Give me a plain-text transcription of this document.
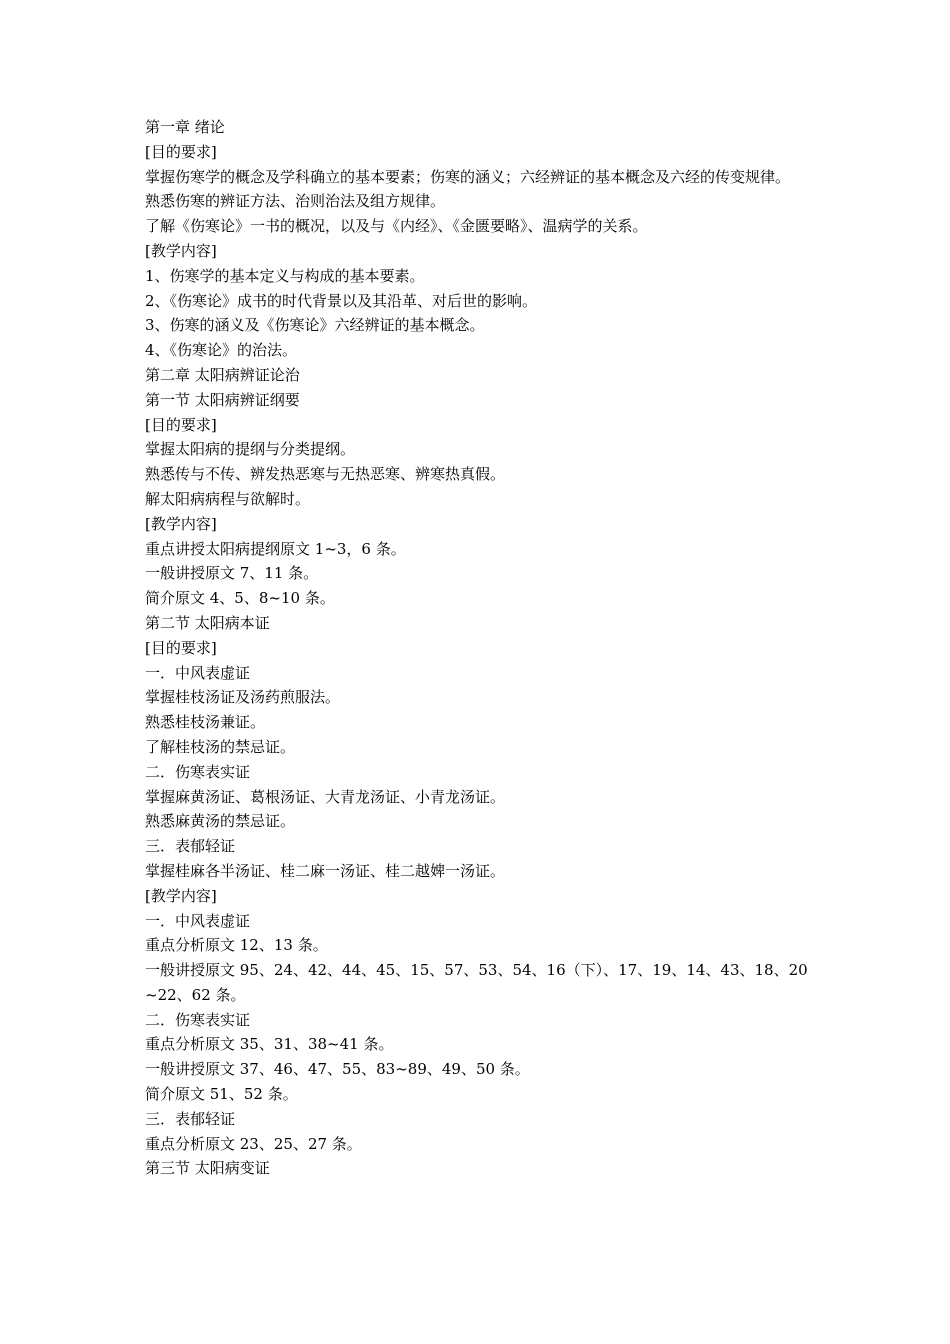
第一章 绪论
[目的要求]
掌握伤寒学的概念及学科确立的基本要素；伤寒的涵义；六经辨证的基本概念及六经的传变规律。
熟悉伤寒的辨证方法、治则治法及组方规律。
了解《伤寒论》一书的概况，以及与《内经》、《金匮要略》、温病学的关系。
[教学内容]
1、伤寒学的基本定义与构成的基本要素。
2、《伤寒论》成书的时代背景以及其沿革、对后世的影响。
3、伤寒的涵义及《伤寒论》六经辨证的基本概念。
4、《伤寒论》的治法。
第二章 太阳病辨证论治
第一节 太阳病辨证纲要
[目的要求]
掌握太阳病的提纲与分类提纲。
熟悉传与不传、辨发热恶寒与无热恶寒、辨寒热真假。
解太阳病病程与欲解时。
[教学内容]
重点讲授太阳病提纲原文 1~3，6 条。
一般讲授原文 7、11 条。
简介原文 4、5、8~10 条。
第二节 太阳病本证
[目的要求]
一．中风表虚证
掌握桂枝汤证及汤药煎服法。
熟悉桂枝汤兼证。
了解桂枝汤的禁忌证。
二．伤寒表实证
掌握麻黄汤证、葛根汤证、大青龙汤证、小青龙汤证。
熟悉麻黄汤的禁忌证。
三．表郁轻证
掌握桂麻各半汤证、桂二麻一汤证、桂二越婢一汤证。
[教学内容]
一．中风表虚证
重点分析原文 12、13 条。
一般讲授原文 95、24、42、44、45、15、57、53、54、16（下）、17、19、14、43、18、20~22、62 条。
二．伤寒表实证
重点分析原文 35、31、38~41 条。
一般讲授原文 37、46、47、55、83~89、49、50 条。
简介原文 51、52 条。
三．表郁轻证
重点分析原文 23、25、27 条。
第三节 太阳病变证
